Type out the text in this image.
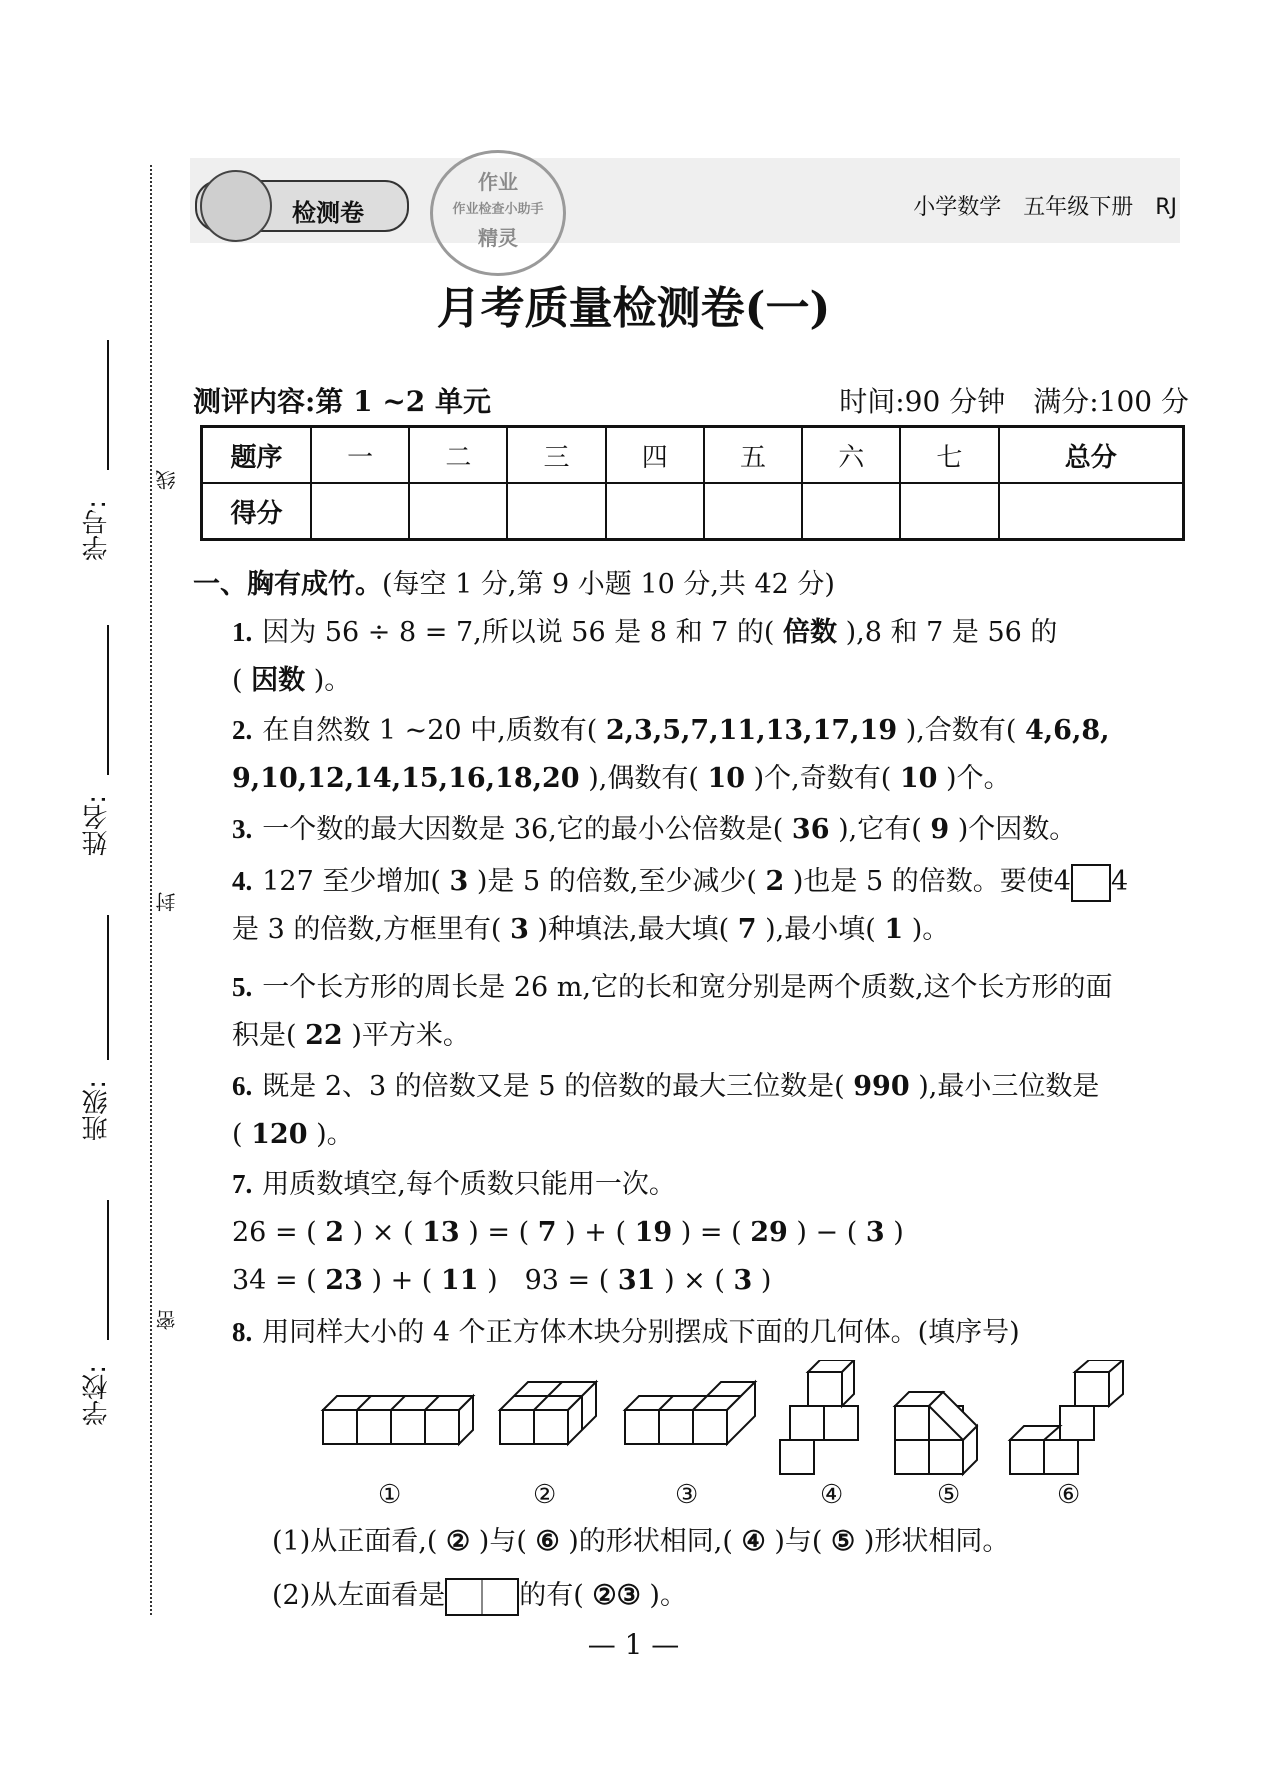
学号:
姓名:
班级:
学校:
线
封
密
检测卷
作业
作业检查小助手
精灵
小学数学　五年级下册　RJ
月考质量检测卷(一)
测评内容:第 1 ~2 单元	时间:90 分钟　满分:100 分
题序	一	二	三	四	五	六	七	总分
得分								
一、胸有成竹。(每空 1 分,第 9 小题 10 分,共 42 分)
1. 因为 56 ÷ 8 = 7,所以说 56 是 8 和 7 的( 倍数 ),8 和 7 是 56 的
( 因数 )。
2. 在自然数 1 ~20 中,质数有( 2,3,5,7,11,13,17,19 ),合数有( 4,6,8,
9,10,12,14,15,16,18,20 ),偶数有( 10 )个,奇数有( 10 )个。
3. 一个数的最大因数是 36,它的最小公倍数是( 36 ),它有( 9 )个因数。
4. 127 至少增加( 3 )是 5 的倍数,至少减少( 2 )也是 5 的倍数。要使4 4
是 3 的倍数,方框里有( 3 )种填法,最大填( 7 ),最小填( 1 )。
5. 一个长方形的周长是 26 m,它的长和宽分别是两个质数,这个长方形的面
积是( 22 )平方米。
6. 既是 2、3 的倍数又是 5 的倍数的最大三位数是( 990 ),最小三位数是
( 120 )。
7. 用质数填空,每个质数只能用一次。
26 = ( 2 ) × ( 13 ) = ( 7 ) + ( 19 ) = ( 29 ) − ( 3 )
34 = ( 23 ) + ( 11 )　93 = ( 31 ) × ( 3 )
8. 用同样大小的 4 个正方体木块分别摆成下面的几何体。(填序号)
①	②	③	④	⑤	⑥
(1)从正面看,( ② )与( ⑥ )的形状相同,( ④ )与( ⑤ )形状相同。
(2)从左面看是	的有( ②③ )。
— 1 —
